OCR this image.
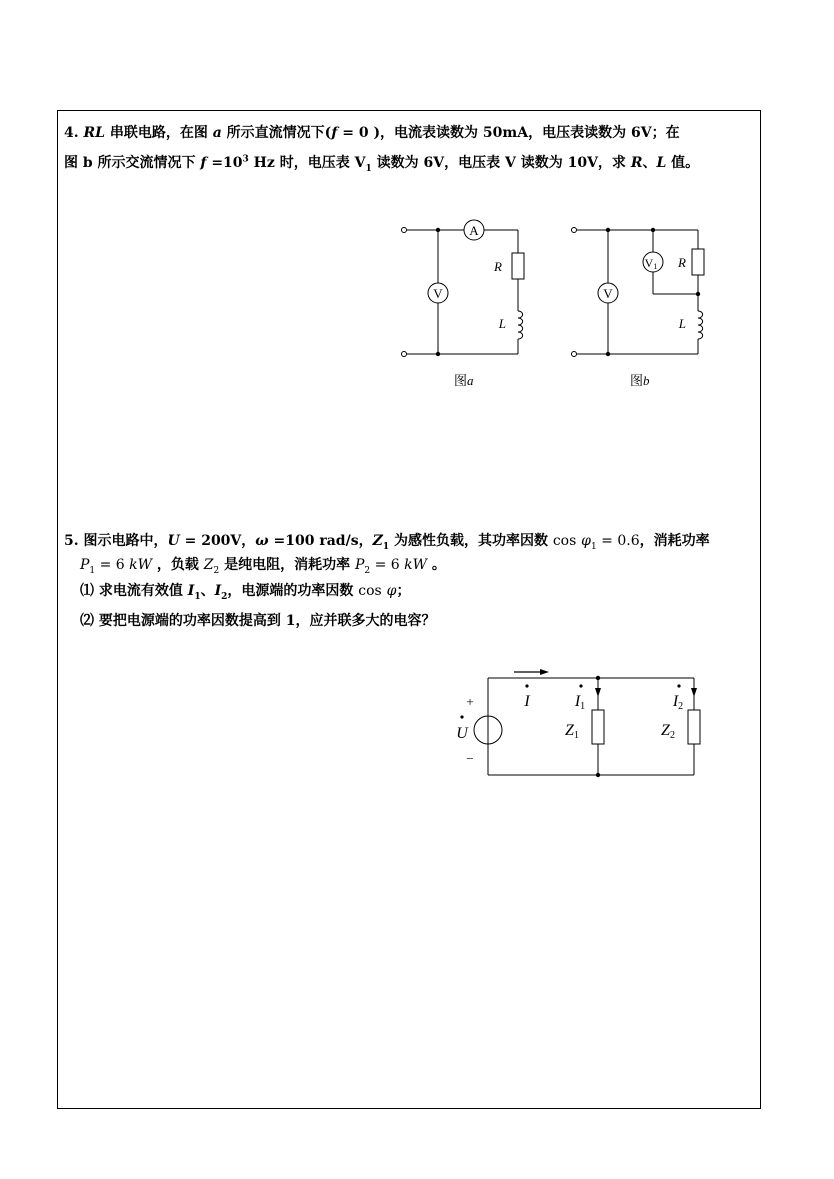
4. RL 串联电路，在图 a 所示直流情况下(f = 0 )，电流表读数为 50mA，电压表读数为 6V；在
图 b 所示交流情况下 $f =10^3$ Hz 时，电压表 $V_1$ 读数为 6V，电压表 V 读数为 10V，求 R、L 值。
A
V
R
L
图a
V1
V
R
L
图b
5. 图示电路中，U = 200V，ω =100 rad/s，$Z_1$ 为感性负载，其功率因数 $\cos \varphi_1 = 0.6$，消耗功率
$P_1 = 6$ kW ，负载 $Z_2$ 是纯电阻，消耗功率 $P_2 = 6$ kW 。
⑴ 求电流有效值 $I_1$、$I_2$，电源端的功率因数 cos φ；
⑵ 要把电源端的功率因数提高到 1，应并联多大的电容？
+
−
U
I	I1	I2
Z1	Z2
